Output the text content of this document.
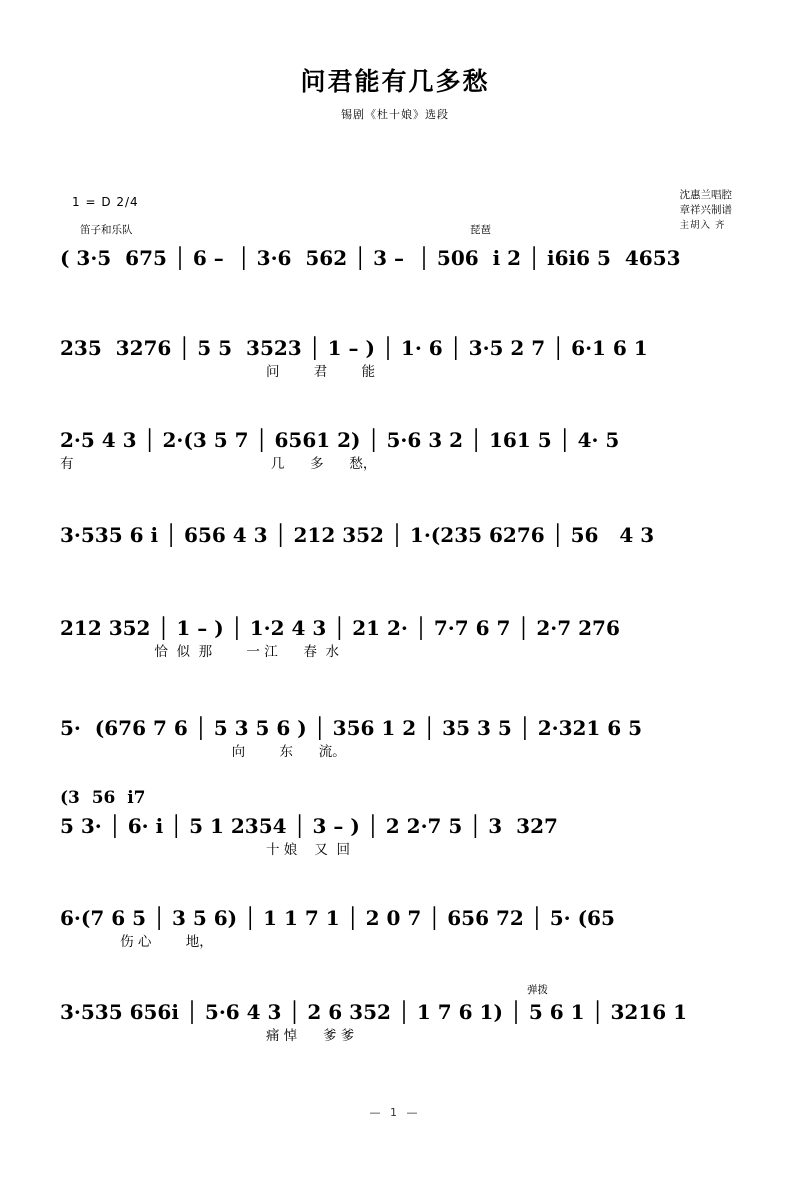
问君能有几多愁
锡剧《杜十娘》选段
沈惠兰唱腔
章祥兴制谱
主胡入 齐
1 = D 2/4
笛子和乐队	琵琶
弹拨
( 3·5  675 │ 6 –  │ 3·6  562 │ 3 –  │ 506  i 2 │ i6i6 5  4653
235  3276 │ 5 5  3523 │ 1 – ) │ 1· 6 │ 3·5 2 7 │ 6·1 6 1
问        君        能
2·5 4 3 │ 2·(3 5 7 │ 6561 2) │ 5·6 3 2 │ 161 5 │ 4· 5
有                                              几      多      愁，
3·535 6 i │ 656 4 3 │ 212 352 │ 1·(235 6276 │ 56   4 3
212 352 │ 1 – ) │ 1·2 4 3 │ 21 2· │ 7·7 6 7 │ 2·7 276
恰  似  那        一 江      春  水
5·  (676 7 6 │ 5 3 5 6 ) │ 356 1 2 │ 35 3 5 │ 2·321 6 5
向        东      流。
(3  56  i7
5 3· │ 6· i │ 5 1 2354 │ 3 – ) │ 2 2·7 5 │ 3  327
十 娘    又  回
6·(7 6 5 │ 3 5 6) │ 1 1 7 1 │ 2 0 7 │ 656 72 │ 5· (65
伤 心        地，
3·535 656i │ 5·6 4 3 │ 2 6 352 │ 1 7 6 1) │ 5 6 1 │ 3216 1
痛 悼      爹 爹
— 1 —
